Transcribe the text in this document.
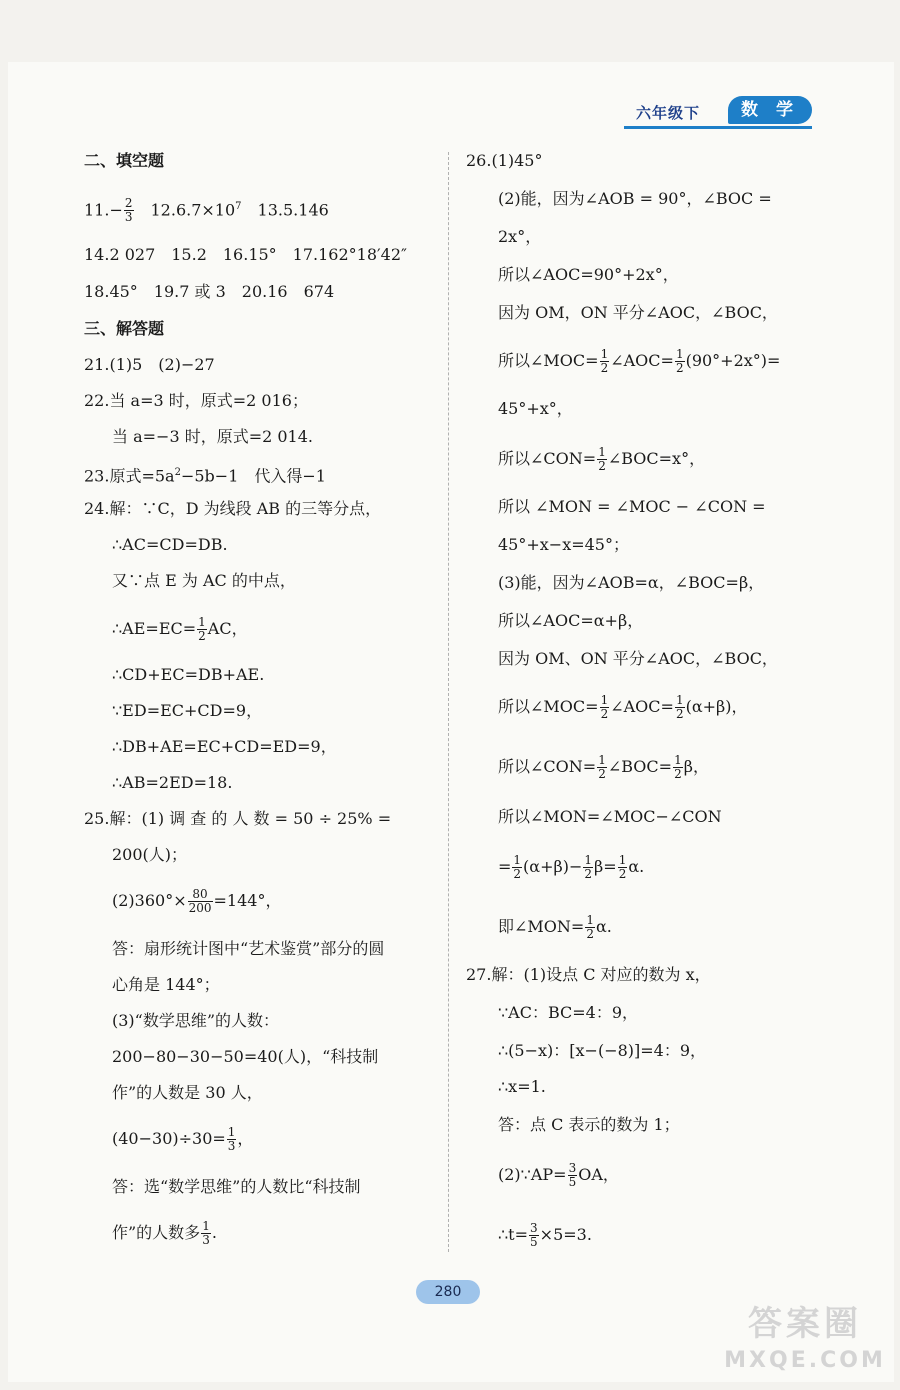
六年级下	数 学
二、填空题
$11.- \frac{2}{3}$ 　$12.6.7\times 10^7$　13.5.146
14.2 027　15.2　16.15°　17.162°18′42″
18.45°　19.7 或 3　20.16　674
三、解答题
21.(1)5　(2)−27
22.当 a=3 时，原式=2 016；
当 a=−3 时，原式=2 014.
23.原式$=5a^2-5b-1$　代入得−1
24.解：∵C，D 为线段 AB 的三等分点，
∴AC=CD=DB.
又∵点 E 为 AC 的中点，
∴AE=EC= $\frac{1}{2}$ AC，
∴CD+EC=DB+AE.
∵ED=EC+CD=9，
∴DB+AE=EC+CD=ED=9，
∴AB=2ED=18.
25.解：(1) 调 查 的 人 数 = 50 ÷ 25% =
200(人)；
$(2)360^\circ\times \frac{80}{200} =144^\circ$，
答：扇形统计图中“艺术鉴赏”部分的圆
心角是 144°；
(3)“数学思维”的人数：
200−80−30−50=40(人)，“科技制
作”的人数是 30 人，
$(40-30)\div 30= \frac{1}{3}$ ，
答：选“数学思维”的人数比“科技制
作”的人数多 $\frac{1}{3}$ .
26.(1)45°
(2)能，因为∠AOB = 90°，∠BOC =
2x°，
所以∠AOC=90°+2x°，
因为 OM，ON 平分∠AOC，∠BOC，
所以∠MOC= $\frac{1}{2}$ ∠AOC= $\frac{1}{2} (90^\circ+2x^\circ)=$
45°+x°，
所以∠CON= $\frac{1}{2}$ ∠BOC=x°，
所以 ∠MON = ∠MOC − ∠CON =
45°+x−x=45°；
(3)能，因为∠AOB=α，∠BOC=β，
所以∠AOC=α+β，
因为 OM、ON 平分∠AOC，∠BOC，
所以∠MOC= $\frac{1}{2}$ ∠AOC= $\frac{1}{2} (\alpha+\beta)$，
所以∠CON= $\frac{1}{2}$ ∠BOC= $\frac{1}{2}$ β，
所以∠MON=∠MOC−∠CON
= $\frac{1}{2} (\alpha+\beta)- \frac{1}{2} \beta= \frac{1}{2} \alpha$.
即∠MON= $\frac{1}{2} \alpha$.
27.解：(1)设点 C 对应的数为 x，
∵AC：BC=4：9，
∴(5−x)：[x−(−8)]=4：9，
∴x=1.
答：点 C 表示的数为 1；
(2)∵AP= $\frac{3}{5}$ OA，
∴t= $\frac{3}{5} \times 5=3$.
280
答案圈
MXQE.COM
